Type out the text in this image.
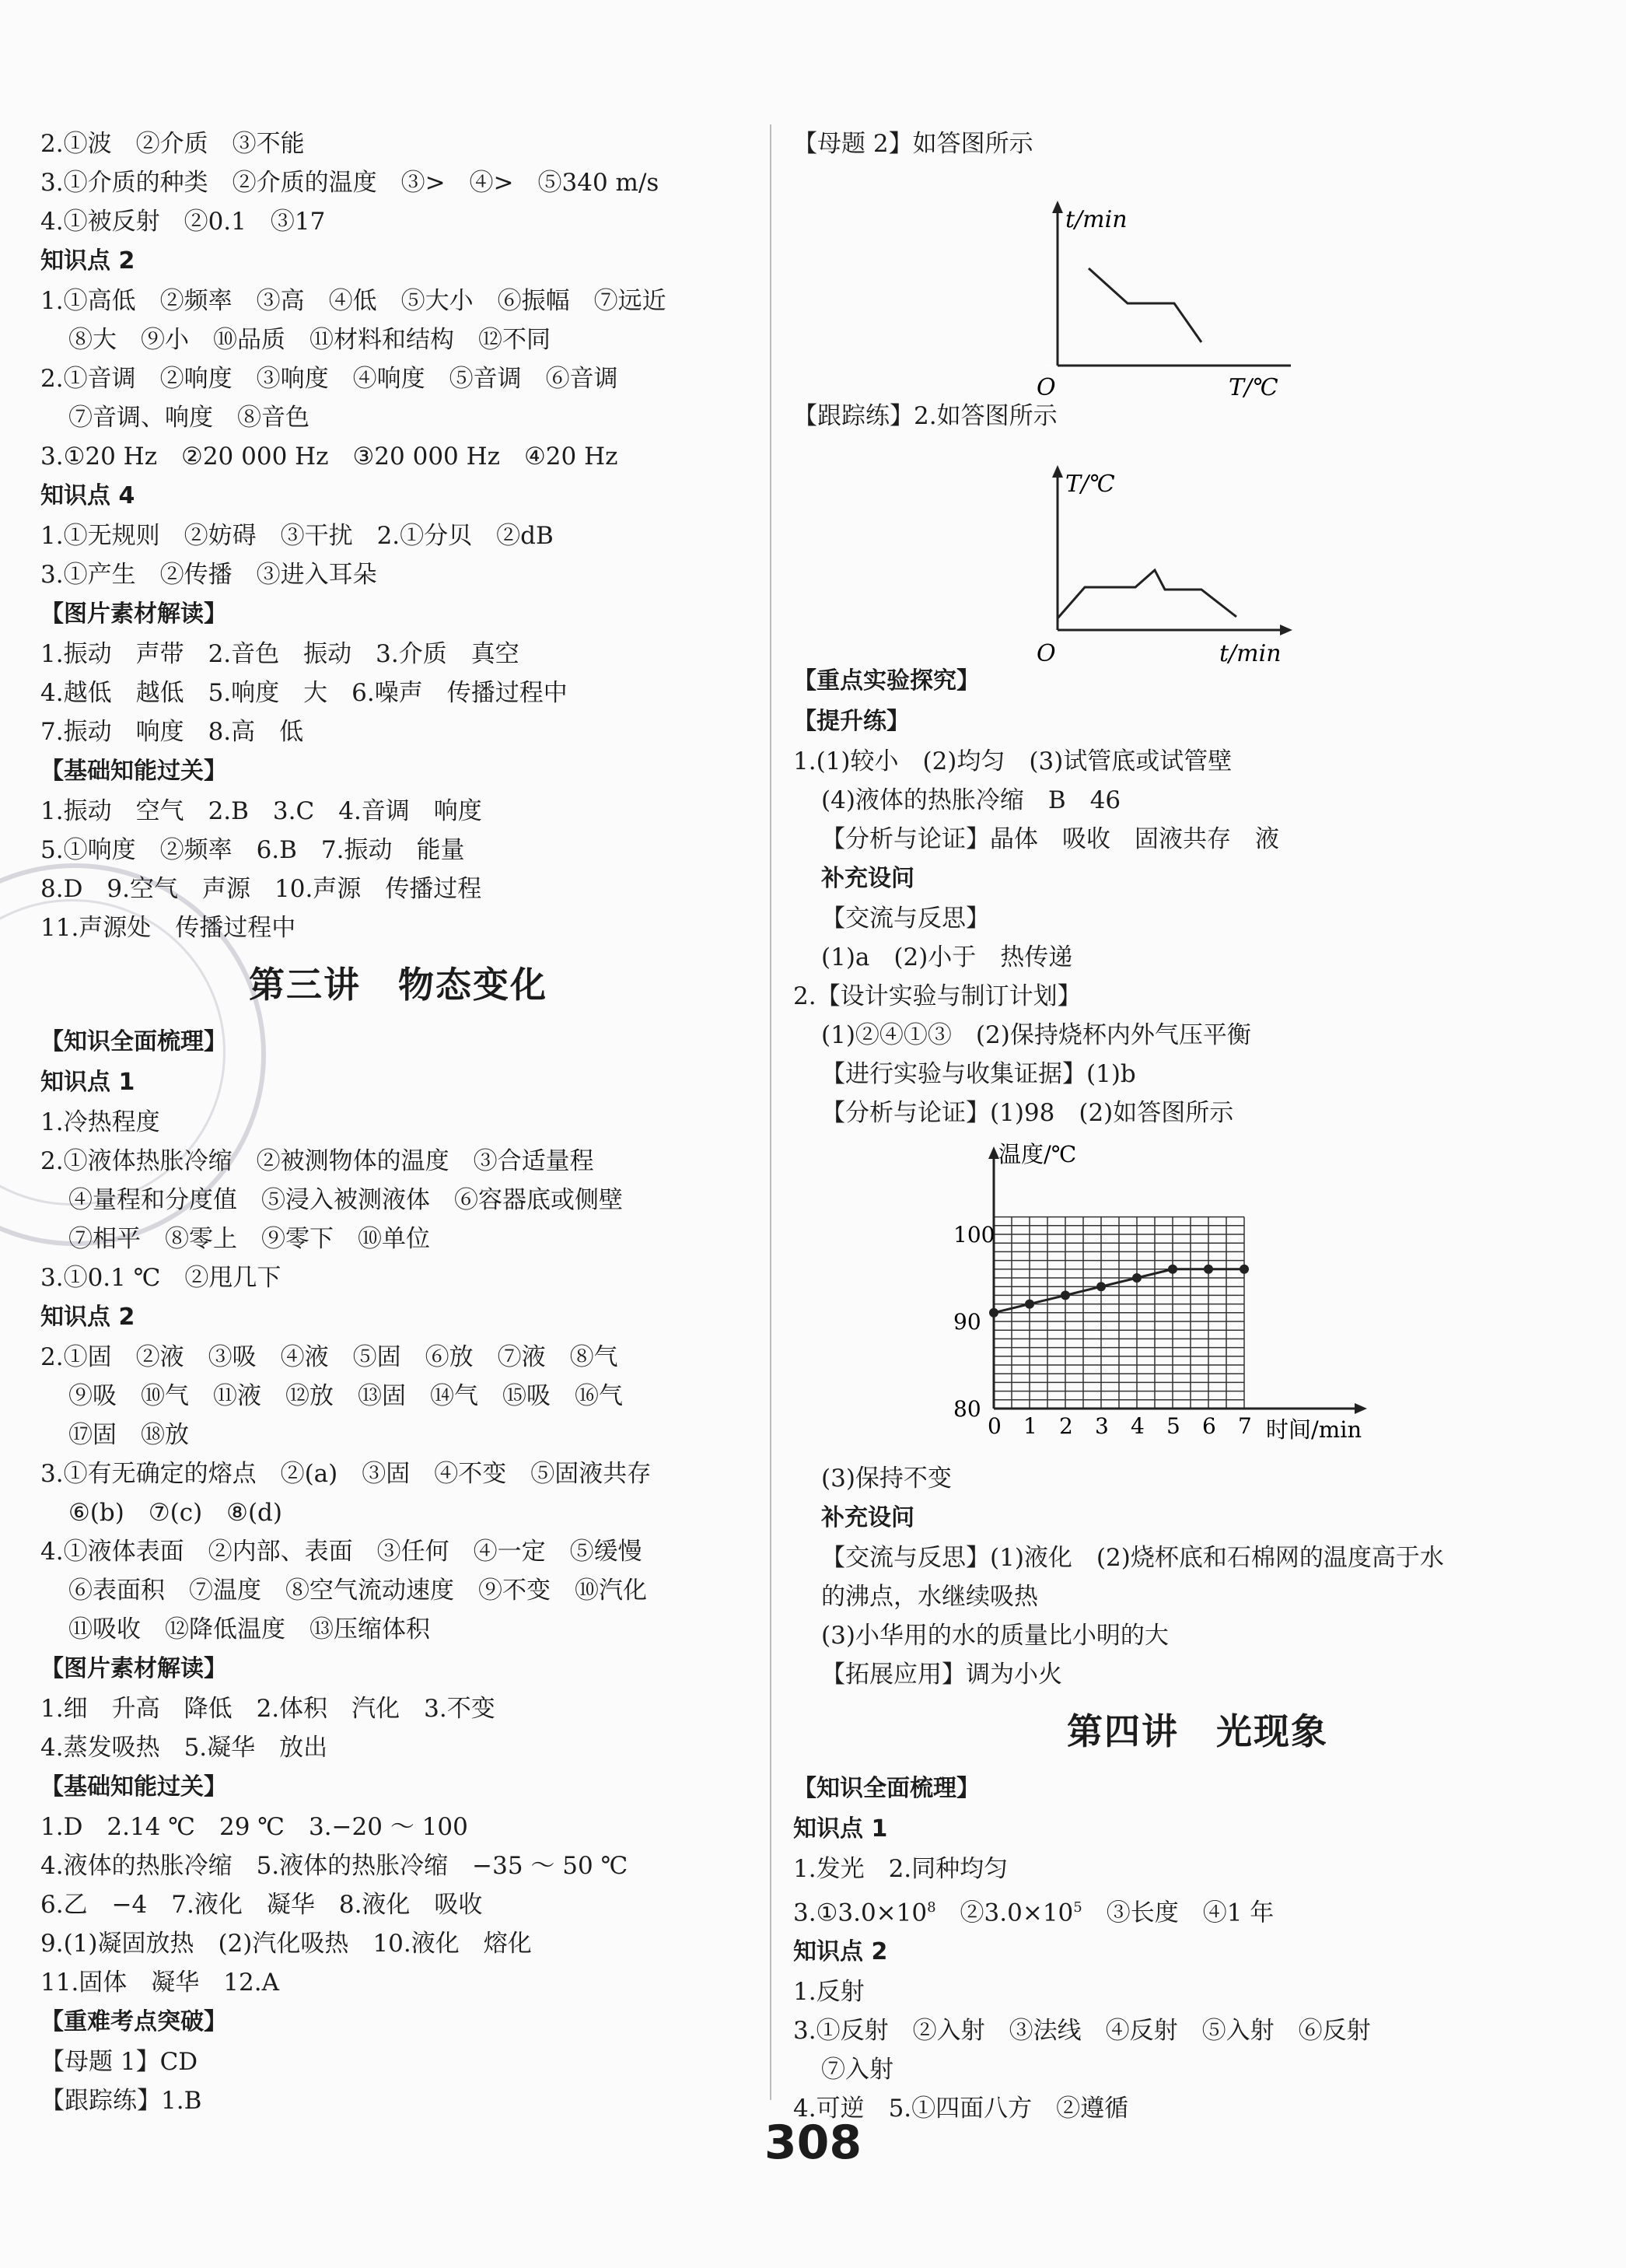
2.①波　②介质　③不能
3.①介质的种类　②介质的温度　③>　④>　⑤340 m/s
4.①被反射　②0.1　③17
知识点 2
1.①高低　②频率　③高　④低　⑤大小　⑥振幅　⑦远近
⑧大　⑨小　⑩品质　⑪材料和结构　⑫不同
2.①音调　②响度　③响度　④响度　⑤音调　⑥音调
⑦音调、响度　⑧音色
3.①20 Hz　②20 000 Hz　③20 000 Hz　④20 Hz
知识点 4
1.①无规则　②妨碍　③干扰　2.①分贝　②dB
3.①产生　②传播　③进入耳朵
【图片素材解读】
1.振动　声带　2.音色　振动　3.介质　真空
4.越低　越低　5.响度　大　6.噪声　传播过程中
7.振动　响度　8.高　低
【基础知能过关】
1.振动　空气　2.B　3.C　4.音调　响度
5.①响度　②频率　6.B　7.振动　能量
8.D　9.空气　声源　10.声源　传播过程
11.声源处　传播过程中
第三讲　物态变化
【知识全面梳理】
知识点 1
1.冷热程度
2.①液体热胀冷缩　②被测物体的温度　③合适量程
④量程和分度值　⑤浸入被测液体　⑥容器底或侧壁
⑦相平　⑧零上　⑨零下　⑩单位
3.①0.1 ℃　②甩几下
知识点 2
2.①固　②液　③吸　④液　⑤固　⑥放　⑦液　⑧气
⑨吸　⑩气　⑪液　⑫放　⑬固　⑭气　⑮吸　⑯气
⑰固　⑱放
3.①有无确定的熔点　②(a)　③固　④不变　⑤固液共存
⑥(b)　⑦(c)　⑧(d)
4.①液体表面　②内部、表面　③任何　④一定　⑤缓慢
⑥表面积　⑦温度　⑧空气流动速度　⑨不变　⑩汽化
⑪吸收　⑫降低温度　⑬压缩体积
【图片素材解读】
1.细　升高　降低　2.体积　汽化　3.不变
4.蒸发吸热　5.凝华　放出
【基础知能过关】
1.D　2.14 ℃　29 ℃　3.−20 ～ 100
4.液体的热胀冷缩　5.液体的热胀冷缩　−35 ～ 50 ℃
6.乙　−4　7.液化　凝华　8.液化　吸收
9.(1)凝固放热　(2)汽化吸热　10.液化　熔化
11.固体　凝华　12.A
【重难考点突破】
【母题 1】CD
【跟踪练】1.B
【母题 2】如答图所示
t/min
O	T/℃
【跟踪练】2.如答图所示
T/℃
O	t/min
【重点实验探究】
【提升练】
1.(1)较小　(2)均匀　(3)试管底或试管壁
(4)液体的热胀冷缩　B　46
【分析与论证】晶体　吸收　固液共存　液
补充设问
【交流与反思】
(1)a　(2)小于　热传递
2.【设计实验与制订计划】
(1)②④①③　(2)保持烧杯内外气压平衡
【进行实验与收集证据】(1)b
【分析与论证】(1)98　(2)如答图所示
温度/℃
时间/min
0 1 2 3 4 5 6 7
80
90
100
(3)保持不变
补充设问
【交流与反思】(1)液化　(2)烧杯底和石棉网的温度高于水
的沸点，水继续吸热
(3)小华用的水的质量比小明的大
【拓展应用】调为小火
第四讲　光现象
【知识全面梳理】
知识点 1
1.发光　2.同种均匀
$3.①3.0\times 10^8$　$②3.0\times 10^5$　③长度　④1 年
知识点 2
1.反射
3.①反射　②入射　③法线　④反射　⑤入射　⑥反射
⑦入射
4.可逆　5.①四面八方　②遵循
308
